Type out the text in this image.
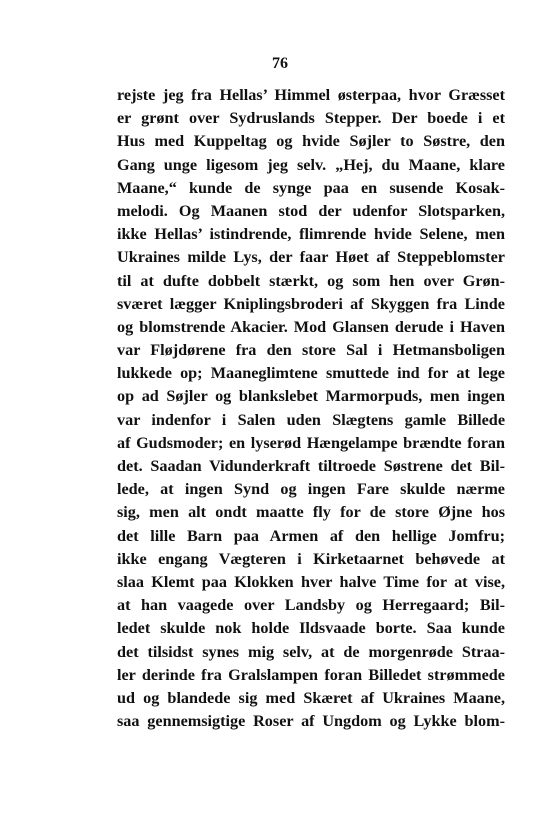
76
rejste jeg fra Hellas’ Himmel østerpaa, hvor Græsset
er grønt over Sydruslands Stepper. Der boede i et
Hus med Kuppeltag og hvide Søjler to Søstre, den
Gang unge ligesom jeg selv. „Hej, du Maane, klare
Maane,“ kunde de synge paa en susende Kosak-
melodi. Og Maanen stod der udenfor Slotsparken,
ikke Hellas’ istindrende, flimrende hvide Selene, men
Ukraines milde Lys, der faar Høet af Steppeblomster
til at dufte dobbelt stærkt, og som hen over Grøn-
sværet lægger Kniplingsbroderi af Skyggen fra Linde
og blomstrende Akacier. Mod Glansen derude i Haven
var Fløjdørene fra den store Sal i Hetmansboligen
lukkede op; Maaneglimtene smuttede ind for at lege
op ad Søjler og blankslebet Marmorpuds, men ingen
var indenfor i Salen uden Slægtens gamle Billede
af Gudsmoder; en lyserød Hængelampe brændte foran
det. Saadan Vidunderkraft tiltroede Søstrene det Bil-
lede, at ingen Synd og ingen Fare skulde nærme
sig, men alt ondt maatte fly for de store Øjne hos
det lille Barn paa Armen af den hellige Jomfru;
ikke engang Vægteren i Kirketaarnet behøvede at
slaa Klemt paa Klokken hver halve Time for at vise,
at han vaagede over Landsby og Herregaard; Bil-
ledet skulde nok holde Ildsvaade borte. Saa kunde
det tilsidst synes mig selv, at de morgenrøde Straa-
ler derinde fra Gralslampen foran Billedet strømmede
ud og blandede sig med Skæret af Ukraines Maane,
saa gennemsigtige Roser af Ungdom og Lykke blom-
